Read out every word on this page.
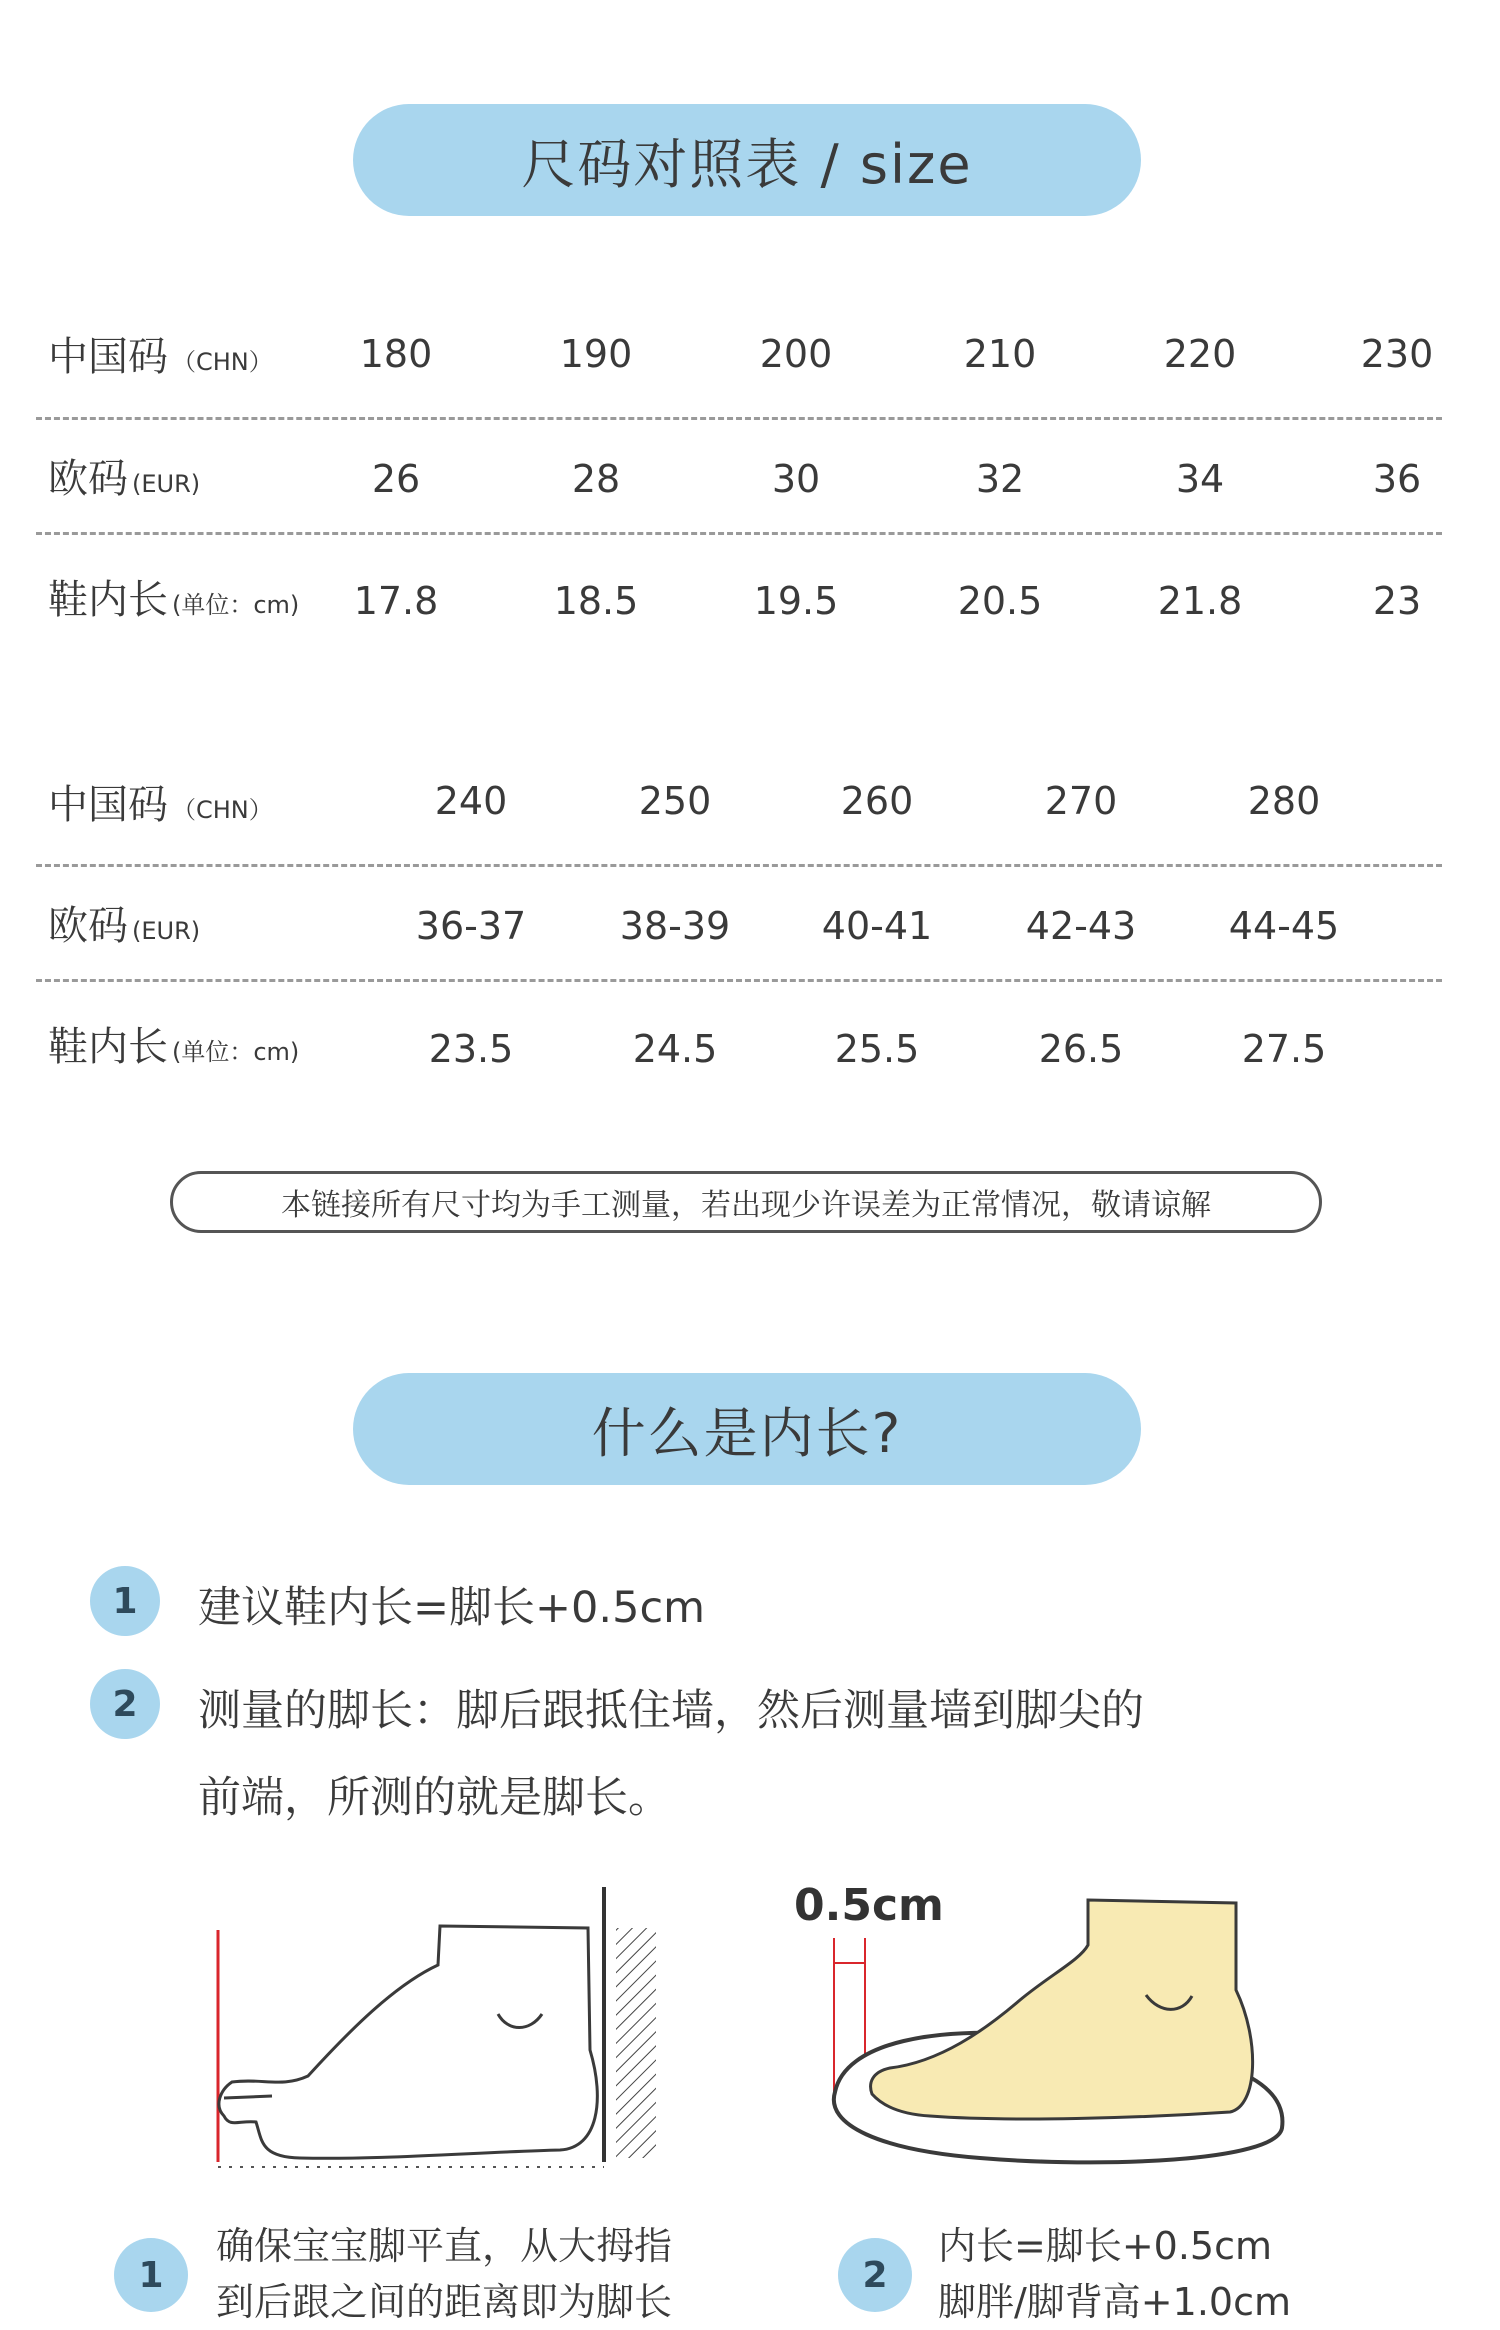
尺码对照表 / size
中国码 （CHN）	180	190	200	210	220	230
欧码 (EUR)	26	28	30	32	34	36
鞋内长 (单位：cm)	17.8	18.5	19.5	20.5	21.8	23
中国码 （CHN）	240	250	260	270	280
欧码 (EUR)	36-37	38-39	40-41	42-43	44-45
鞋内长 (单位：cm)	23.5	24.5	25.5	26.5	27.5
本链接所有尺寸均为手工测量，若出现少许误差为正常情况，敬请谅解
什么是内长?
1	建议鞋内长=脚长+0.5cm
2	测量的脚长：脚后跟抵住墙，然后测量墙到脚尖的
前端，所测的就是脚长。
0.5cm
1
确保宝宝脚平直，从大拇指
到后跟之间的距离即为脚长
2
内长=脚长+0.5cm
脚胖/脚背高+1.0cm
